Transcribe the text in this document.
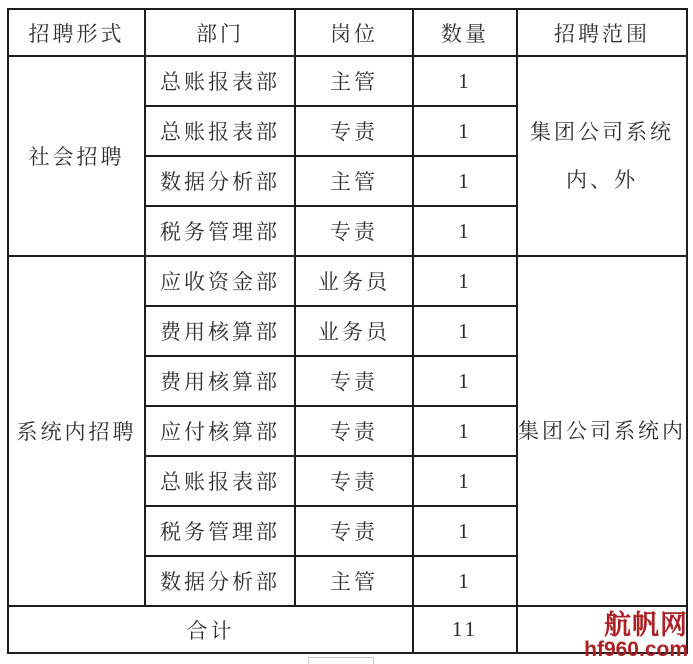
招聘形式	部门	岗位	数量	招聘范围
社会招聘	总账报表部	主管	1	集团公司系统
内、外

	总账报表部	专责	1	
	数据分析部	主管	1	
	税务管理部	专责	1	
系统内招聘	应收资金部	业务员	1	集团公司系统内

	费用核算部	业务员	1	
	费用核算部	专责	1	
	应付核算部	专责	1	
	总账报表部	专责	1	
	税务管理部	专责	1	
	数据分析部	主管	1	
合计			11		航帆网
hf960.com
